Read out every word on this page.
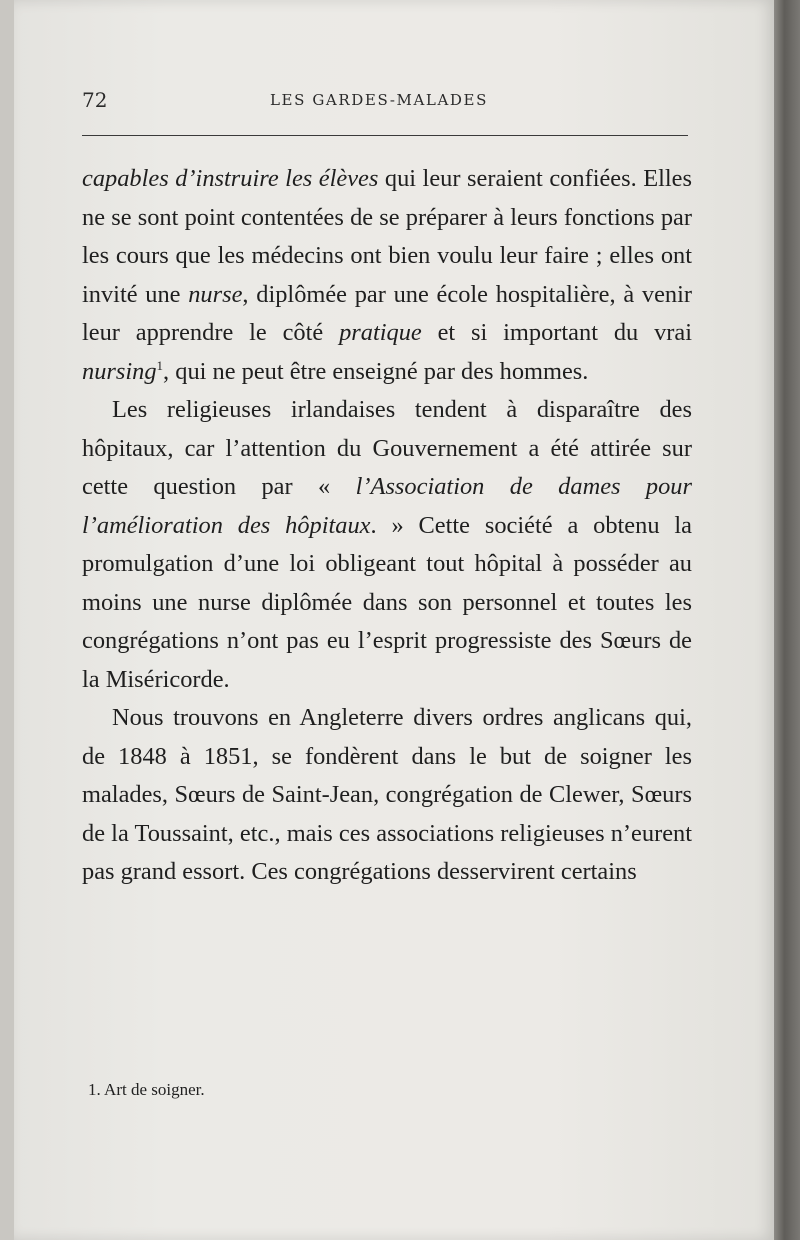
72	LES GARDES-MALADES

capables d’instruire les élèves qui leur seraient confiées. Elles ne se sont point contentées de se préparer à leurs fonctions par les cours que les médecins ont bien voulu leur faire ; elles ont invité une nurse, diplômée par une école hospitalière, à venir leur apprendre le côté pratique et si important du vrai nursing$^1$, qui ne peut être enseigné par des hommes.

Les religieuses irlandaises tendent à disparaître des hôpitaux, car l’attention du Gouvernement a été attirée sur cette question par « l’Association de dames pour l’amélioration des hôpitaux. » Cette société a obtenu la promulgation d’une loi obligeant tout hôpital à posséder au moins une nurse diplômée dans son personnel et toutes les congrégations n’ont pas eu l’esprit progressiste des Sœurs de la Miséricorde.

Nous trouvons en Angleterre divers ordres anglicans qui, de 1848 à 1851, se fondèrent dans le but de soigner les malades, Sœurs de Saint-Jean, congrégation de Clewer, Sœurs de la Toussaint, etc., mais ces associations religieuses n’eurent pas grand essort. Ces congrégations desservirent certains

1. Art de soigner.
